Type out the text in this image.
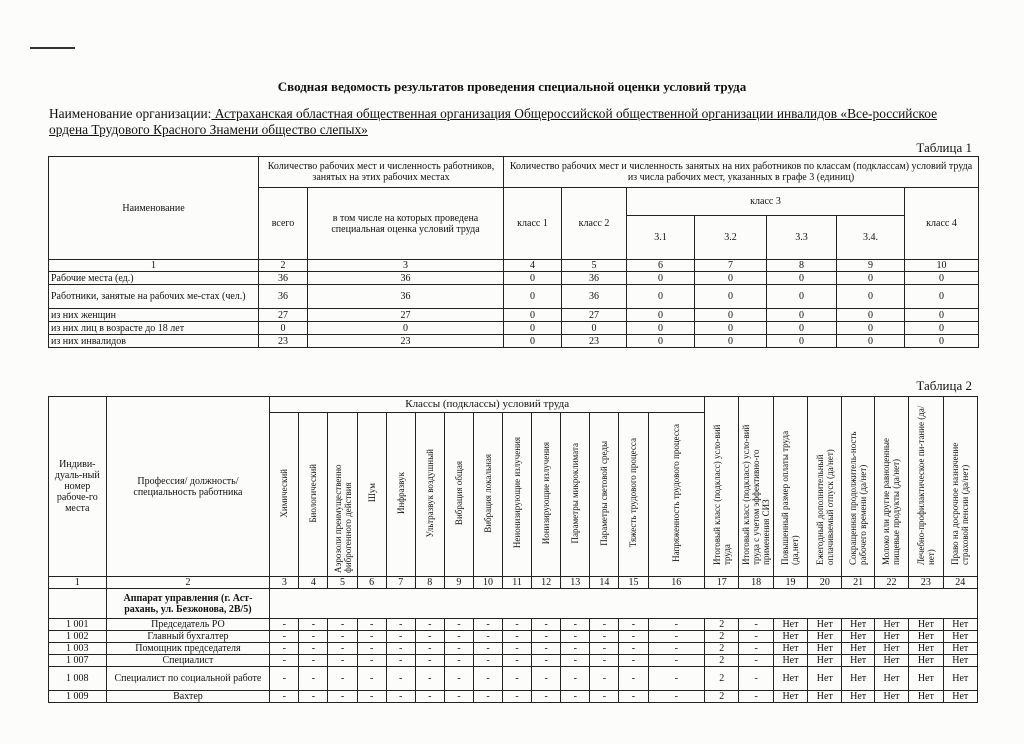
Сводная ведомость результатов проведения специальной оценки условий труда
Наименование организации: Астраханская областная общественная организация Общероссийской общественной организации инвалидов «Все-российское ордена Трудового Красного Знамени общество слепых»
Таблица 1
Наименование	Количество рабочих мест и численность работников, занятых на этих рабочих местах		Количество рабочих мест и численность занятых на них работников по классам (подклассам) условий труда из числа рабочих мест, указанных в графе 3 (единиц)						
	всего	в том числе на которых проведена специальная оценка условий труда	класс 1	класс 2	класс 3				класс 4
					3.1	3.2	3.3	3.4.	
1	2	3	4	5	6	7	8	9	10
Рабочие места (ед.)	36	36	0	36	0	0	0	0	0
Работники, занятые на рабочих ме-стах (чел.)	36	36	0	36	0	0	0	0	0
из них женщин	27	27	0	27	0	0	0	0	0
из них лиц в возрасте до 18 лет	0	0	0	0	0	0	0	0	0
из них инвалидов	23	23	0	23	0	0	0	0	0
Таблица 2
Индиви-дуаль-ный номер рабоче-го места	Профессия/ должность/ специальность работника	Классы (подклассы) условий труда														Итоговый класс (подкласс) усло-вий труда	Итоговый класс (подкласс) усло-вий труда с учетом эффективно-го применения СИЗ	Повышенный размер оплаты труда (да,нет)	Ежегодный дополнительный оплачиваемый отпуск (да/нет)	Сокращенная продолжитель-ность рабочего времени (да/нет)	Молоко или другие равноценные пищевые продукты (да/нет)	Лечебно-профилактическое пи-тание (да/нет)	Право на досрочное назначение страховой пенсии (да/нет)
		Химический	Биологический	Аэрозоли преимущественно фиброгенного действия	Шум	Инфразвук	Ультразвук воздушный	Вибрация общая	Вибрация локальная	Неионизирующие излучения	Ионизирующие излучения	Параметры микроклимата	Параметры световой среды	Тяжесть трудового процесса	Напряженность трудового процесса								
1	2	3	4	5	6	7	8	9	10	11	12	13	14	15	16	17	18	19	20	21	22	23	24
	Аппарат управления (г. Аст-рахань, ул. Безжонова, 2В/5)																						
1 001	Председатель РО	-	-	-	-	-	-	-	-	-	-	-	-	-	-	2	-	Нет	Нет	Нет	Нет	Нет	Нет
1 002	Главный бухгалтер	-	-	-	-	-	-	-	-	-	-	-	-	-	-	2	-	Нет	Нет	Нет	Нет	Нет	Нет
1 003	Помощник председателя	-	-	-	-	-	-	-	-	-	-	-	-	-	-	2	-	Нет	Нет	Нет	Нет	Нет	Нет
1 007	Специалист	-	-	-	-	-	-	-	-	-	-	-	-	-	-	2	-	Нет	Нет	Нет	Нет	Нет	Нет
1 008	Специалист по социальной работе	-	-	-	-	-	-	-	-	-	-	-	-	-	-	2	-	Нет	Нет	Нет	Нет	Нет	Нет
1 009	Вахтер	-	-	-	-	-	-	-	-	-	-	-	-	-	-	2	-	Нет	Нет	Нет	Нет	Нет	Нет
